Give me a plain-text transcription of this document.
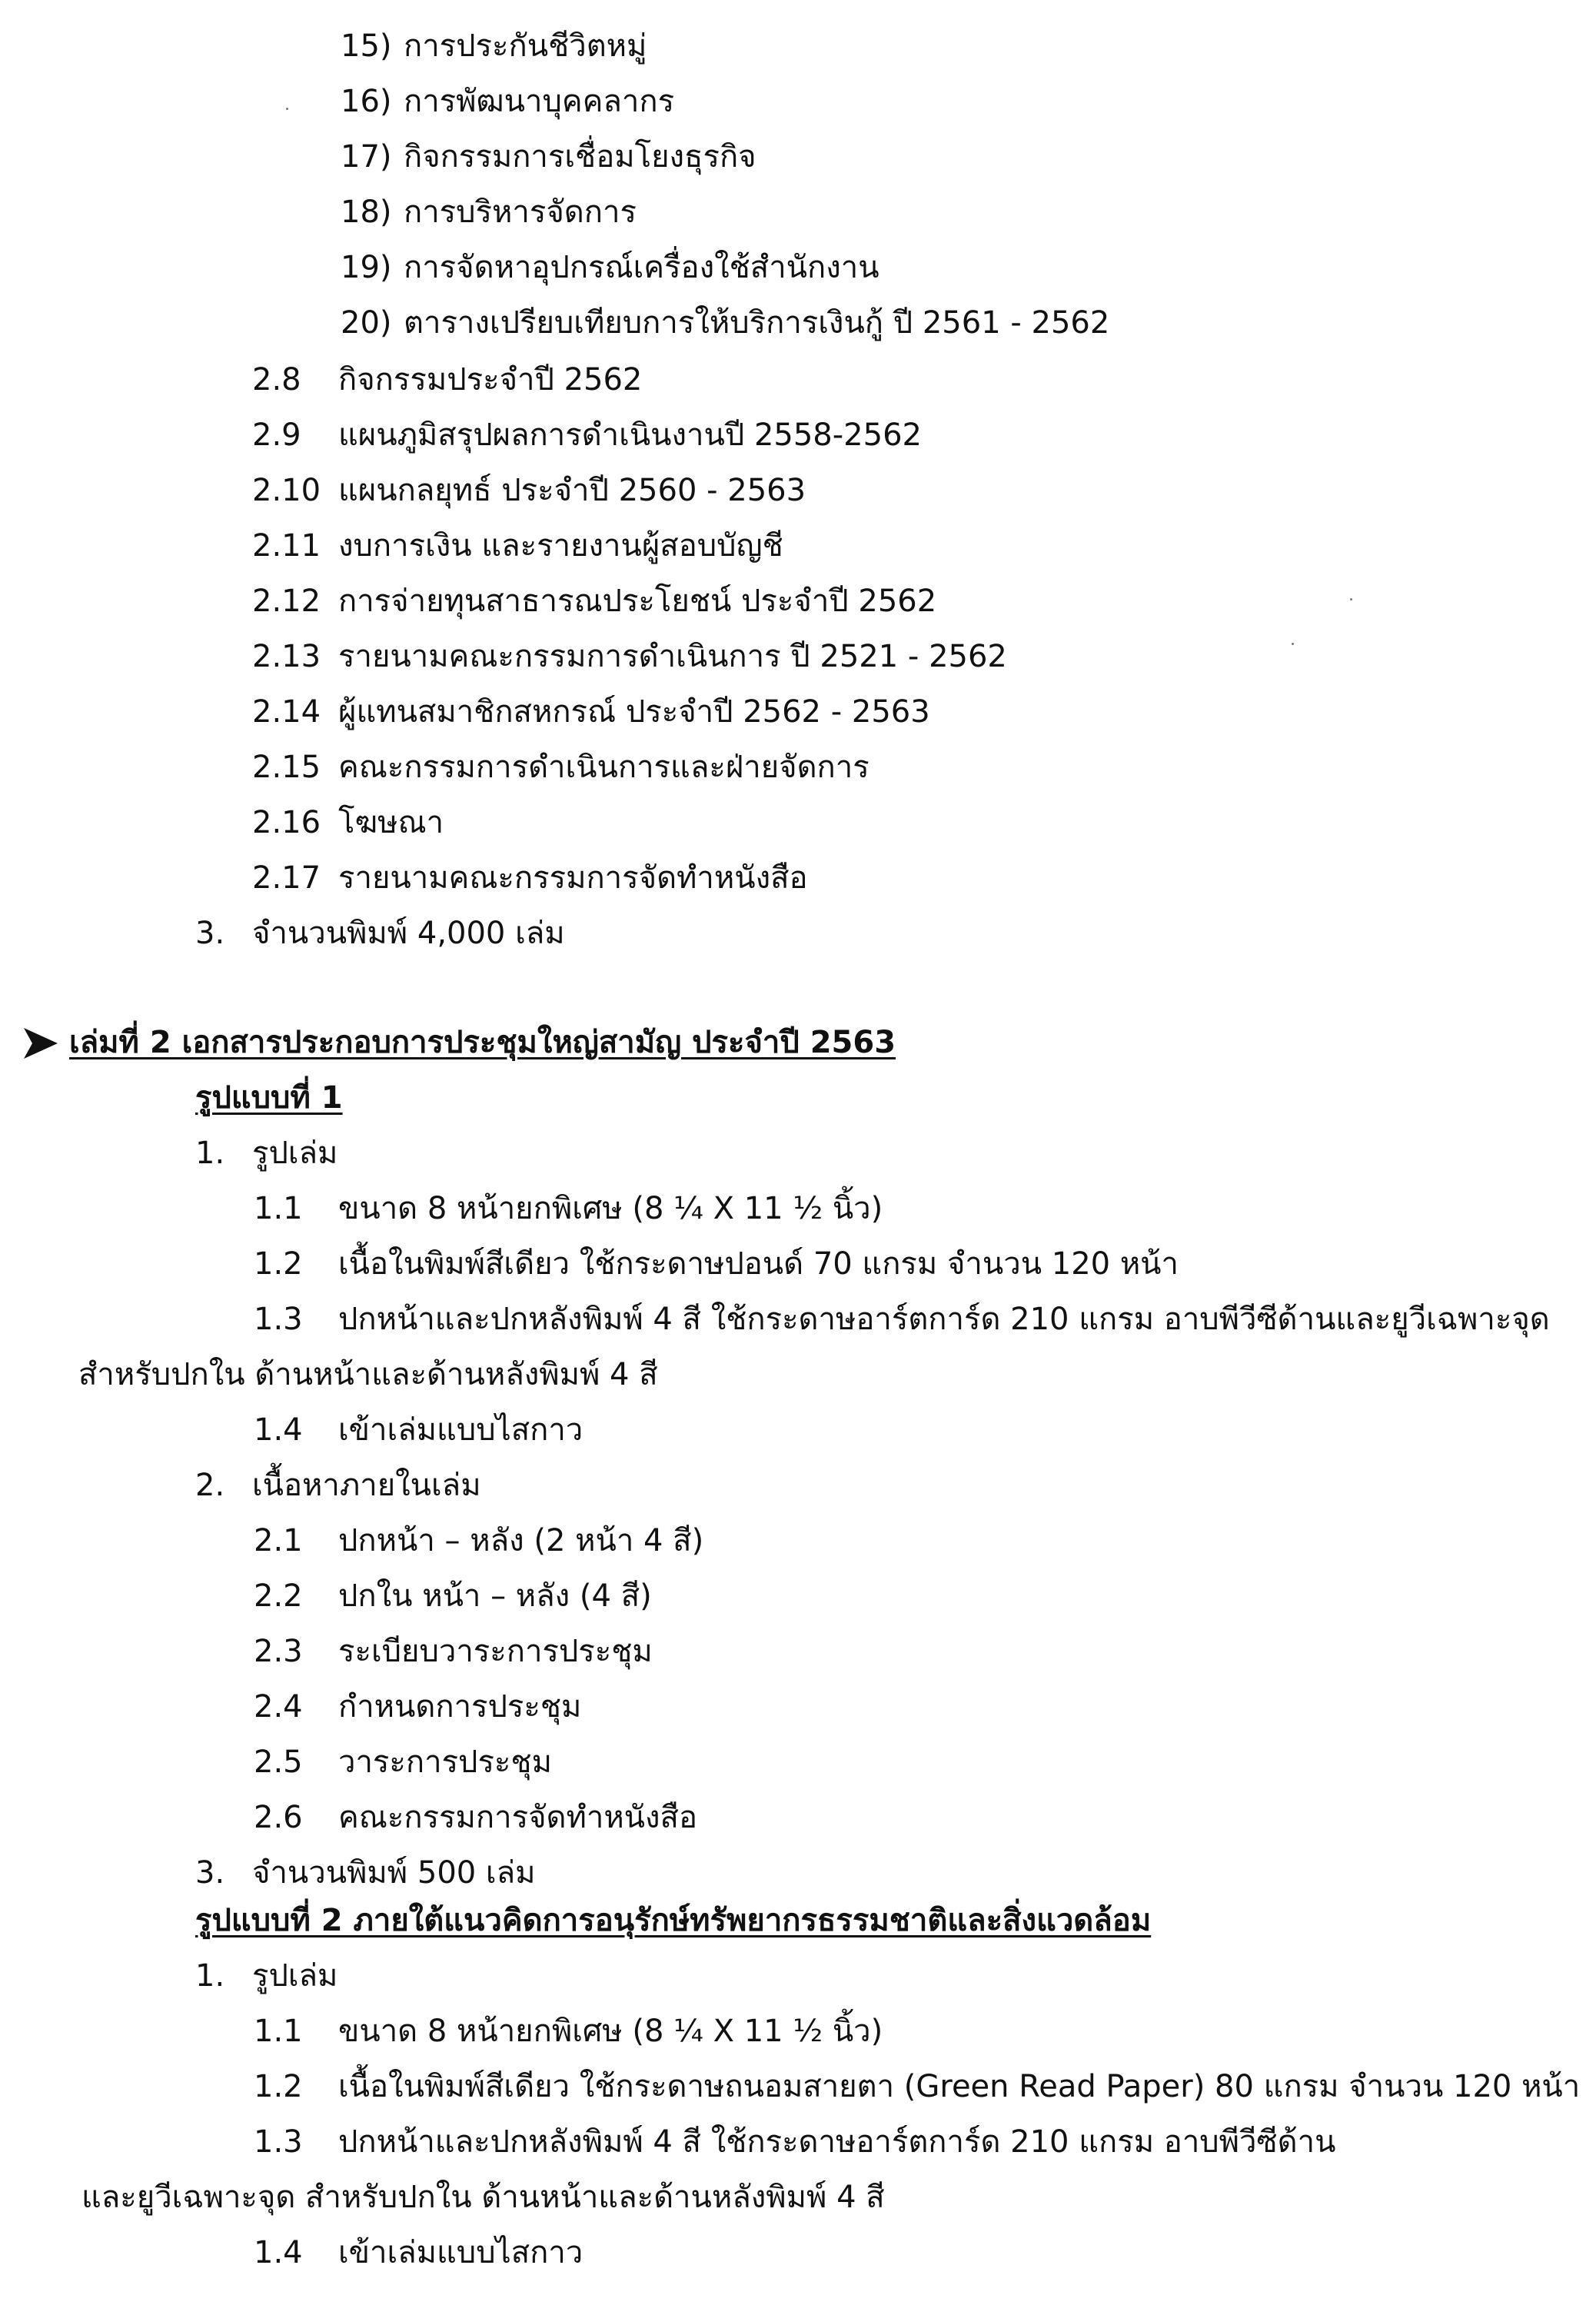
15) การประกันชีวิตหมู่
16) การพัฒนาบุคคลากร
17) กิจกรรมการเชื่อมโยงธุรกิจ
18) การบริหารจัดการ
19) การจัดหาอุปกรณ์เครื่องใช้สำนักงาน
20) ตารางเปรียบเทียบการให้บริการเงินกู้ ปี 2561 - 2562
2.8 กิจกรรมประจำปี 2562
2.9 แผนภูมิสรุปผลการดำเนินงานปี 2558-2562
2.10 แผนกลยุทธ์ ประจำปี 2560 - 2563
2.11 งบการเงิน และรายงานผู้สอบบัญชี
2.12 การจ่ายทุนสาธารณประโยชน์ ประจำปี 2562
2.13 รายนามคณะกรรมการดำเนินการ ปี 2521 - 2562
2.14 ผู้แทนสมาชิกสหกรณ์ ประจำปี 2562 - 2563
2.15 คณะกรรมการดำเนินการและฝ่ายจัดการ
2.16 โฆษณา
2.17 รายนามคณะกรรมการจัดทำหนังสือ
3. จำนวนพิมพ์ 4,000 เล่ม
เล่มที่ 2 เอกสารประกอบการประชุมใหญ่สามัญ ประจำปี 2563
รูปแบบที่ 1
1. รูปเล่ม
1.1 ขนาด 8 หน้ายกพิเศษ (8 ¼ X 11 ½ นิ้ว)
1.2 เนื้อในพิมพ์สีเดียว ใช้กระดาษปอนด์ 70 แกรม จำนวน 120 หน้า
1.3 ปกหน้าและปกหลังพิมพ์ 4 สี ใช้กระดาษอาร์ตการ์ด 210 แกรม อาบพีวีซีด้านและยูวีเฉพาะจุด
สำหรับปกใน ด้านหน้าและด้านหลังพิมพ์ 4 สี
1.4 เข้าเล่มแบบไสกาว
2. เนื้อหาภายในเล่ม
2.1 ปกหน้า – หลัง (2 หน้า 4 สี)
2.2 ปกใน หน้า – หลัง (4 สี)
2.3 ระเบียบวาระการประชุม
2.4 กำหนดการประชุม
2.5 วาระการประชุม
2.6 คณะกรรมการจัดทำหนังสือ
3. จำนวนพิมพ์ 500 เล่ม
รูปแบบที่ 2 ภายใต้แนวคิดการอนุรักษ์ทรัพยากรธรรมชาติและสิ่งแวดล้อม
1. รูปเล่ม
1.1 ขนาด 8 หน้ายกพิเศษ (8 ¼ X 11 ½ นิ้ว)
1.2 เนื้อในพิมพ์สีเดียว ใช้กระดาษถนอมสายตา (Green Read Paper) 80 แกรม จำนวน 120 หน้า
1.3 ปกหน้าและปกหลังพิมพ์ 4 สี ใช้กระดาษอาร์ตการ์ด 210 แกรม อาบพีวีซีด้าน
และยูวีเฉพาะจุด สำหรับปกใน ด้านหน้าและด้านหลังพิมพ์ 4 สี
1.4 เข้าเล่มแบบไสกาว
